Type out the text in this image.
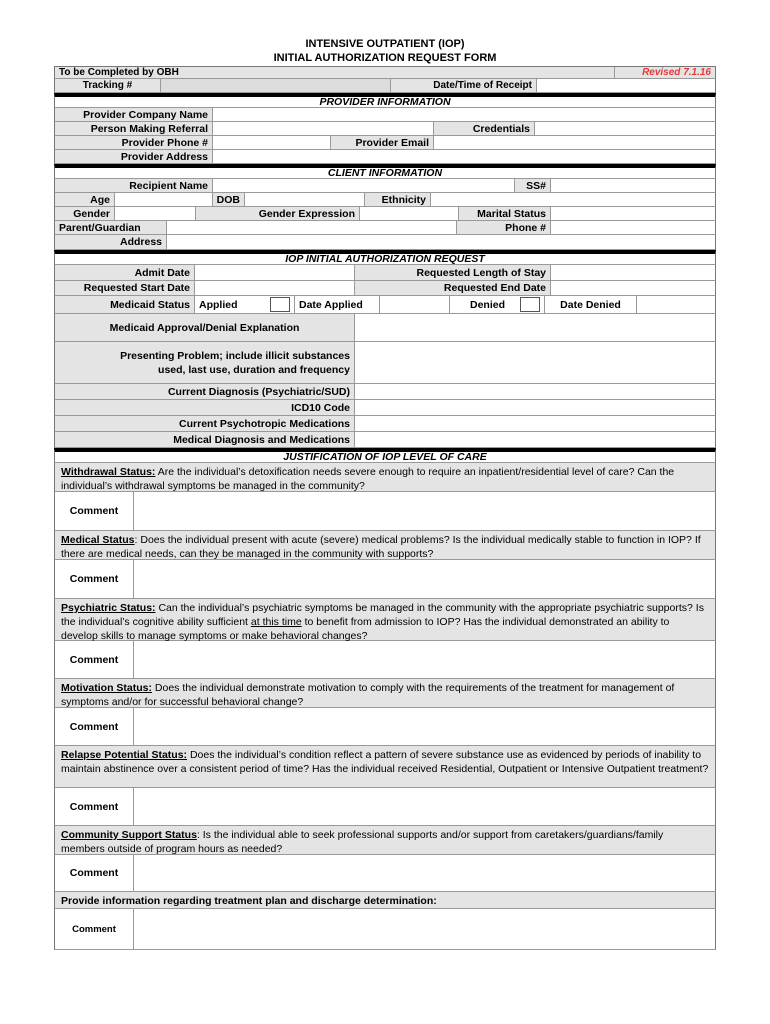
INTENSIVE OUTPATIENT (IOP)
INITIAL AUTHORIZATION REQUEST FORM
To be Completed by OBH	Revised 7.1.16
Tracking #	Date/Time of Receipt
PROVIDER INFORMATION
Provider Company Name
Person Making Referral	Credentials
Provider Phone #	Provider Email
Provider Address
CLIENT INFORMATION
Recipient Name	SS#
Age	DOB	Ethnicity
Gender	Gender Expression	Marital Status
Parent/Guardian	Phone #
Address
IOP INITIAL AUTHORIZATION REQUEST
Admit Date	Requested Length of Stay
Requested Start Date	Requested End Date
Medicaid Status Applied	Date Applied	Denied	Date Denied
Medicaid Approval/Denial Explanation
Presenting Problem; include illicit substances
used, last use, duration and frequency
Current Diagnosis (Psychiatric/SUD)
ICD10 Code
Current Psychotropic Medications
Medical Diagnosis and Medications
JUSTIFICATION OF IOP LEVEL OF CARE
Withdrawal Status: Are the individual’s detoxification needs severe enough to require an inpatient/residential level of care? Can the individual’s withdrawal symptoms be managed in the community?
Comment
Medical Status: Does the individual present with acute (severe) medical problems? Is the individual medically stable to function in IOP? If there are medical needs, can they be managed in the community with supports?
Comment
Psychiatric Status: Can the individual’s psychiatric symptoms be managed in the community with the appropriate psychiatric supports? Is the individual’s cognitive ability sufficient at this time to benefit from admission to IOP? Has the individual demonstrated an ability to develop skills to manage symptoms or make behavioral changes?
Comment
Motivation Status: Does the individual demonstrate motivation to comply with the requirements of the treatment for management of symptoms and/or for successful behavioral change?
Comment
Relapse Potential Status: Does the individual’s condition reflect a pattern of severe substance use as evidenced by periods of inability to maintain abstinence over a consistent period of time? Has the individual received Residential, Outpatient or Intensive Outpatient treatment?
Comment
Community Support Status: Is the individual able to seek professional supports and/or support from caretakers/guardians/family members outside of program hours as needed?
Comment
Provide information regarding treatment plan and discharge determination:
Comment
